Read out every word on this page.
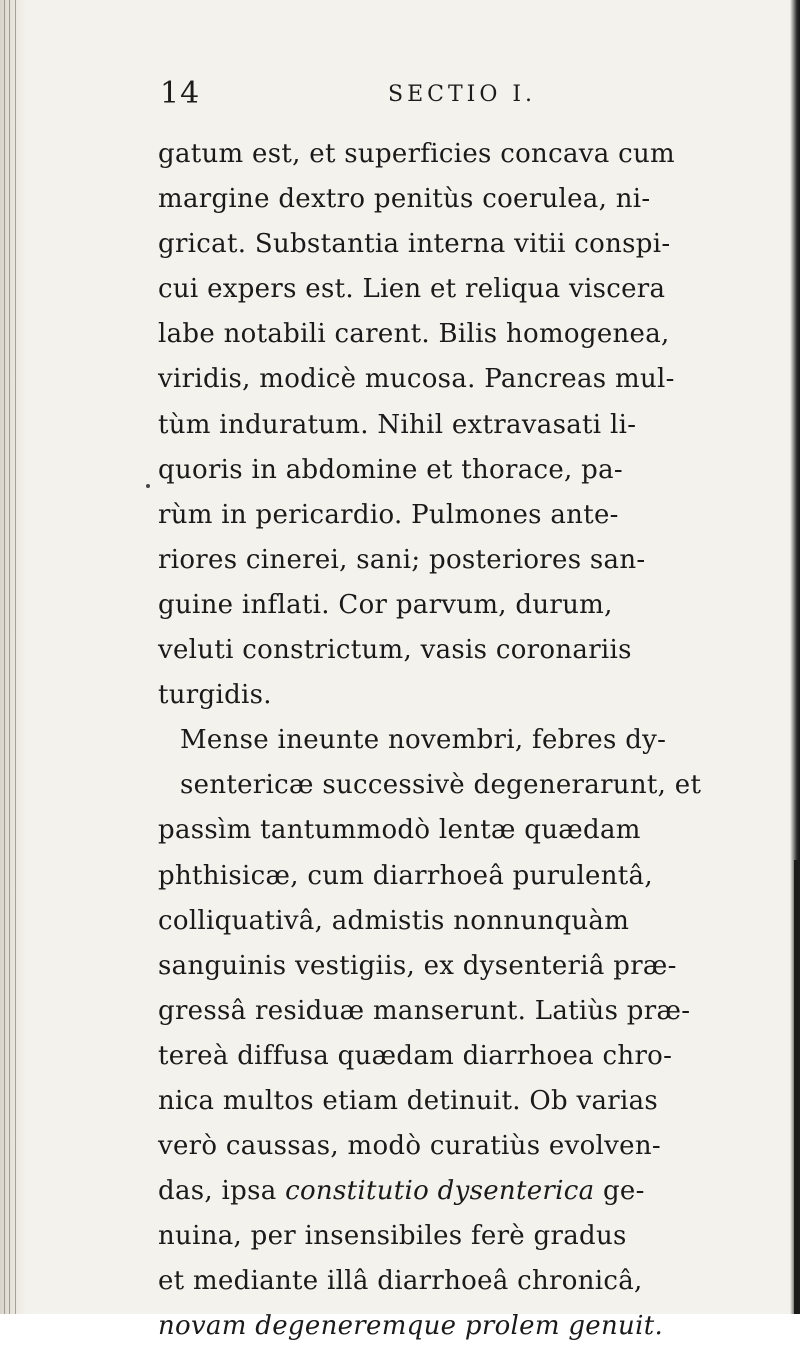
14	SECTIO I.
gatum est, et superficies concava cum
margine dextro penitùs coerulea, ni-
gricat. Substantia interna vitii conspi-
cui expers est. Lien et reliqua viscera
labe notabili carent. Bilis homogenea,
viridis, modicè mucosa. Pancreas mul-
tùm induratum. Nihil extravasati li-
quoris in abdomine et thorace, pa-
rùm in pericardio. Pulmones ante-
riores cinerei, sani; posteriores san-
guine inflati. Cor parvum, durum,
veluti constrictum, vasis coronariis
turgidis.
Mense ineunte novembri, febres dy-
sentericæ successivè degenerarunt, et
passìm tantummodò lentæ quædam
phthisicæ, cum diarrhoeâ purulentâ,
colliquativâ, admistis nonnunquàm
sanguinis vestigiis, ex dysenteriâ præ-
gressâ residuæ manserunt. Latiùs præ-
tereà diffusa quædam diarrhoea chro-
nica multos etiam detinuit. Ob varias
verò caussas, modò curatiùs evolven-
das, ipsa constitutio dysenterica ge-
nuina, per insensibiles ferè gradus
et mediante illâ diarrhoeâ chronicâ,
novam degeneremque prolem genuit.
